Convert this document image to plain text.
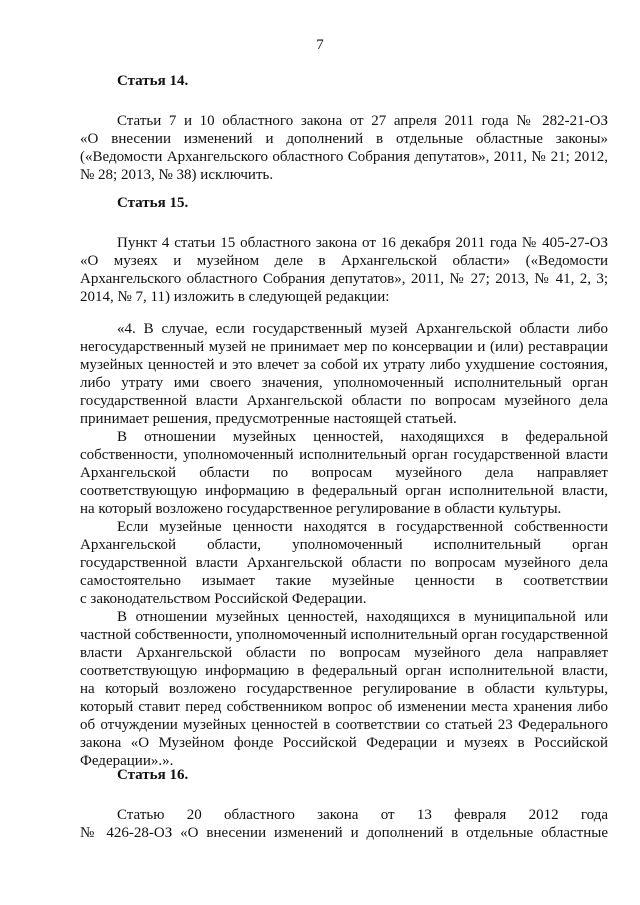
7
Статья 14.
Статьи 7 и 10 областного закона от 27 апреля 2011 года № 282-21-ОЗ
«О внесении изменений и дополнений в отдельные областные законы»
(«Ведомости Архангельского областного Собрания депутатов», 2011, № 21; 2012,
№ 28; 2013, № 38) исключить.
Статья 15.
Пункт 4 статьи 15 областного закона от 16 декабря 2011 года № 405-27-ОЗ
«О музеях и музейном деле в Архангельской области» («Ведомости
Архангельского областного Собрания депутатов», 2011, № 27; 2013, № 41, 2, 3;
2014, № 7, 11) изложить в следующей редакции:
«4. В случае, если государственный музей Архангельской области либо
негосударственный музей не принимает мер по консервации и (или) реставрации
музейных ценностей и это влечет за собой их утрату либо ухудшение состояния,
либо утрату ими своего значения, уполномоченный исполнительный орган
государственной власти Архангельской области по вопросам музейного дела
принимает решения, предусмотренные настоящей статьей.
В отношении музейных ценностей, находящихся в федеральной
собственности, уполномоченный исполнительный орган государственной власти
Архангельской области по вопросам музейного дела направляет
соответствующую информацию в федеральный орган исполнительной власти,
на который возложено государственное регулирование в области культуры.
Если музейные ценности находятся в государственной собственности
Архангельской области, уполномоченный исполнительный орган
государственной власти Архангельской области по вопросам музейного дела
самостоятельно изымает такие музейные ценности в соответствии
с законодательством Российской Федерации.
В отношении музейных ценностей, находящихся в муниципальной или
частной собственности, уполномоченный исполнительный орган государственной
власти Архангельской области по вопросам музейного дела направляет
соответствующую информацию в федеральный орган исполнительной власти,
на который возложено государственное регулирование в области культуры,
который ставит перед собственником вопрос об изменении места хранения либо
об отчуждении музейных ценностей в соответствии со статьей 23 Федерального
закона «О Музейном фонде Российской Федерации и музеях в Российской
Федерации».».
Статья 16.
Статью 20 областного закона от 13 февраля 2012 года
№ 426-28-ОЗ «О внесении изменений и дополнений в отдельные областные
